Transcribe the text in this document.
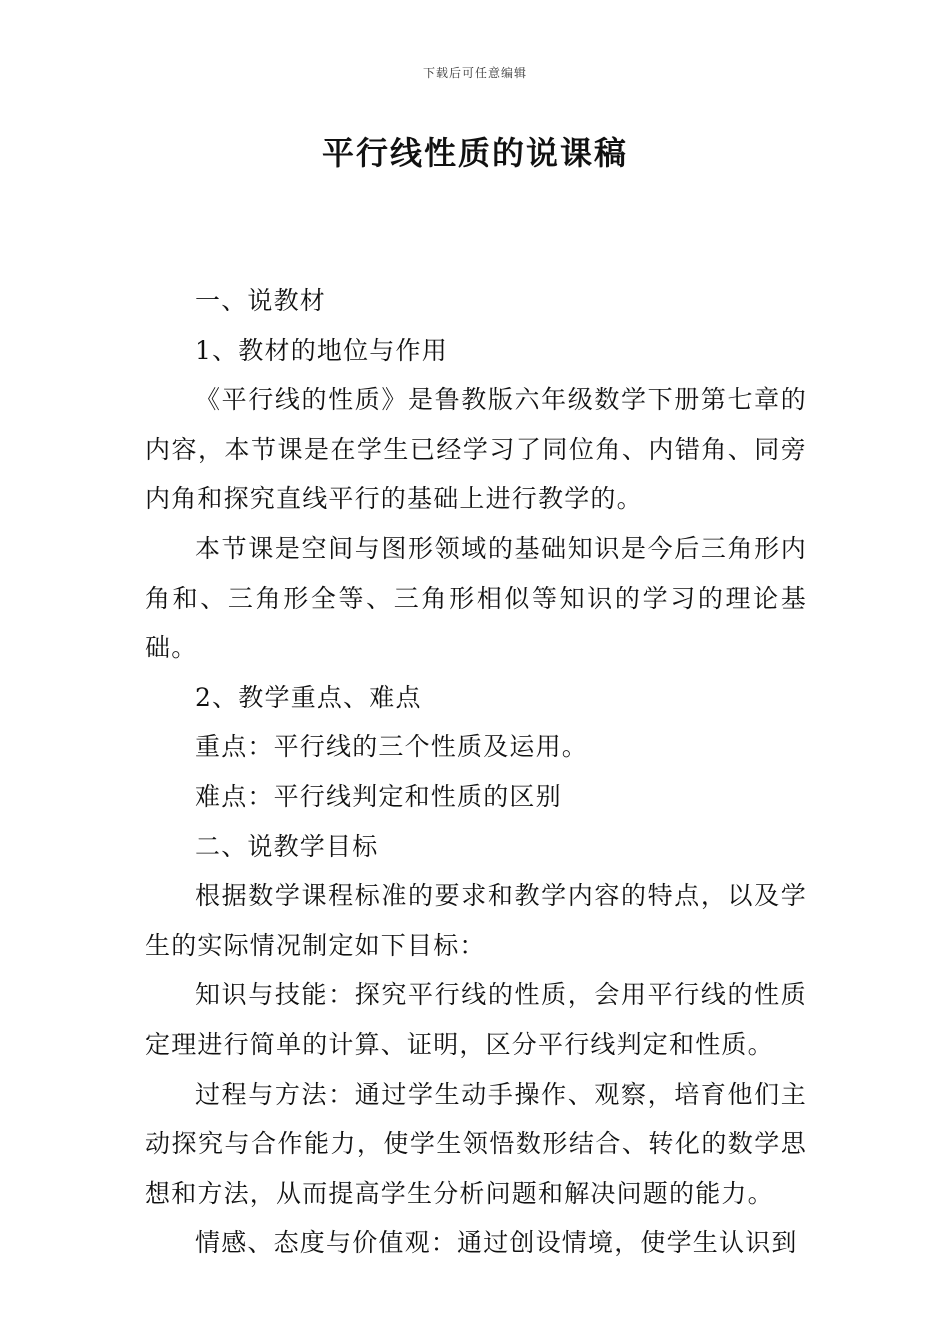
下载后可任意编辑
平行线性质的说课稿

一、说教材

1、教材的地位与作用

《平行线的性质》是鲁教版六年级数学下册第七章的内容，本节课是在学生已经学习了同位角、内错角、同旁内角和探究直线平行的基础上进行教学的。

本节课是空间与图形领域的基础知识是今后三角形内角和、三角形全等、三角形相似等知识的学习的理论基础。

2、教学重点、难点

重点：平行线的三个性质及运用。

难点：平行线判定和性质的区别

二、说教学目标

根据数学课程标准的要求和教学内容的特点，以及学生的实际情况制定如下目标：

知识与技能：探究平行线的性质，会用平行线的性质定理进行简单的计算、证明，区分平行线判定和性质。

过程与方法：通过学生动手操作、观察，培育他们主动探究与合作能力，使学生领悟数形结合、转化的数学思想和方法，从而提高学生分析问题和解决问题的能力。

情感、态度与价值观：通过创设情境，使学生认识到
